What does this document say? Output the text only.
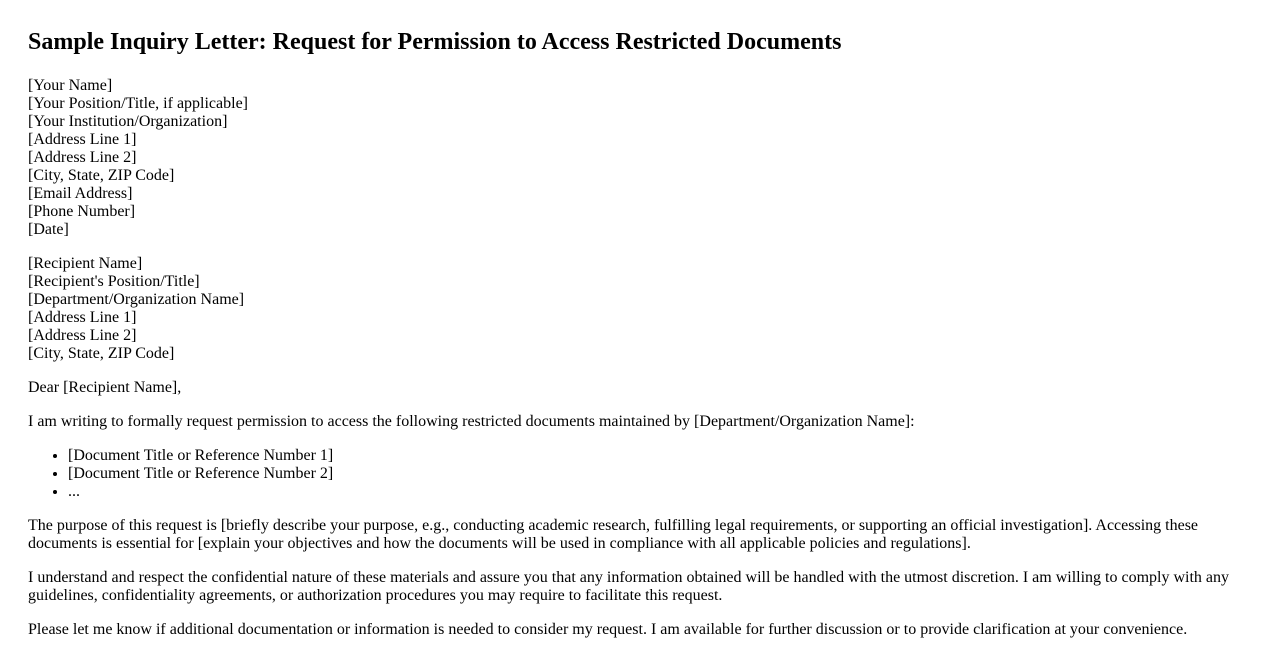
Sample Inquiry Letter: Request for Permission to Access Restricted Documents
[Your Name]
[Your Position/Title, if applicable]
[Your Institution/Organization]
[Address Line 1]
[Address Line 2]
[City, State, ZIP Code]
[Email Address]
[Phone Number]
[Date]
[Recipient Name]
[Recipient's Position/Title]
[Department/Organization Name]
[Address Line 1]
[Address Line 2]
[City, State, ZIP Code]

Dear [Recipient Name],

I am writing to formally request permission to access the following restricted documents maintained by [Department/Organization Name]:

• [Document Title or Reference Number 1]
• [Document Title or Reference Number 2]
• ...

The purpose of this request is [briefly describe your purpose, e.g., conducting academic research, fulfilling legal requirements, or supporting an official investigation]. Accessing these documents is essential for [explain your objectives and how the documents will be used in compliance with all applicable policies and regulations].

I understand and respect the confidential nature of these materials and assure you that any information obtained will be handled with the utmost discretion. I am willing to comply with any guidelines, confidentiality agreements, or authorization procedures you may require to facilitate this request.

Please let me know if additional documentation or information is needed to consider my request. I am available for further discussion or to provide clarification at your convenience.
